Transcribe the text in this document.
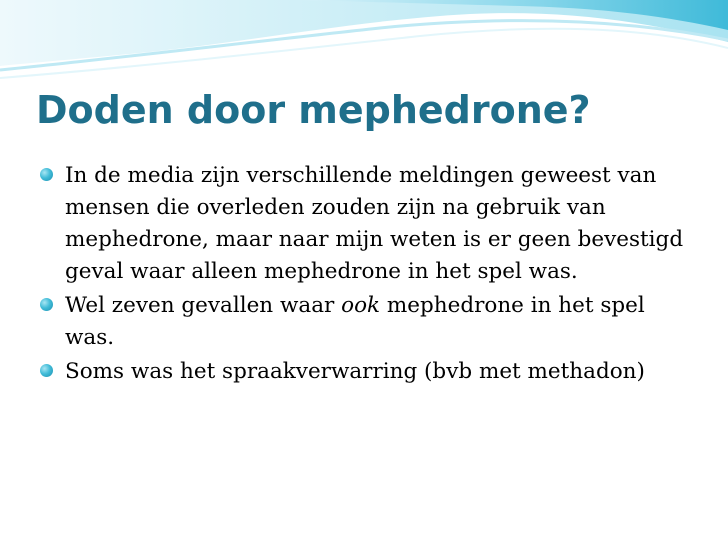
Doden door mephedrone?
In de media zijn verschillende meldingen geweest van mensen die overleden zouden zijn na gebruik van mephedrone, maar naar mijn weten is er geen bevestigd geval waar alleen mephedrone in het spel was.
Wel zeven gevallen waar ook mephedrone in het spel was.
Soms was het spraakverwarring (bvb met methadon)
